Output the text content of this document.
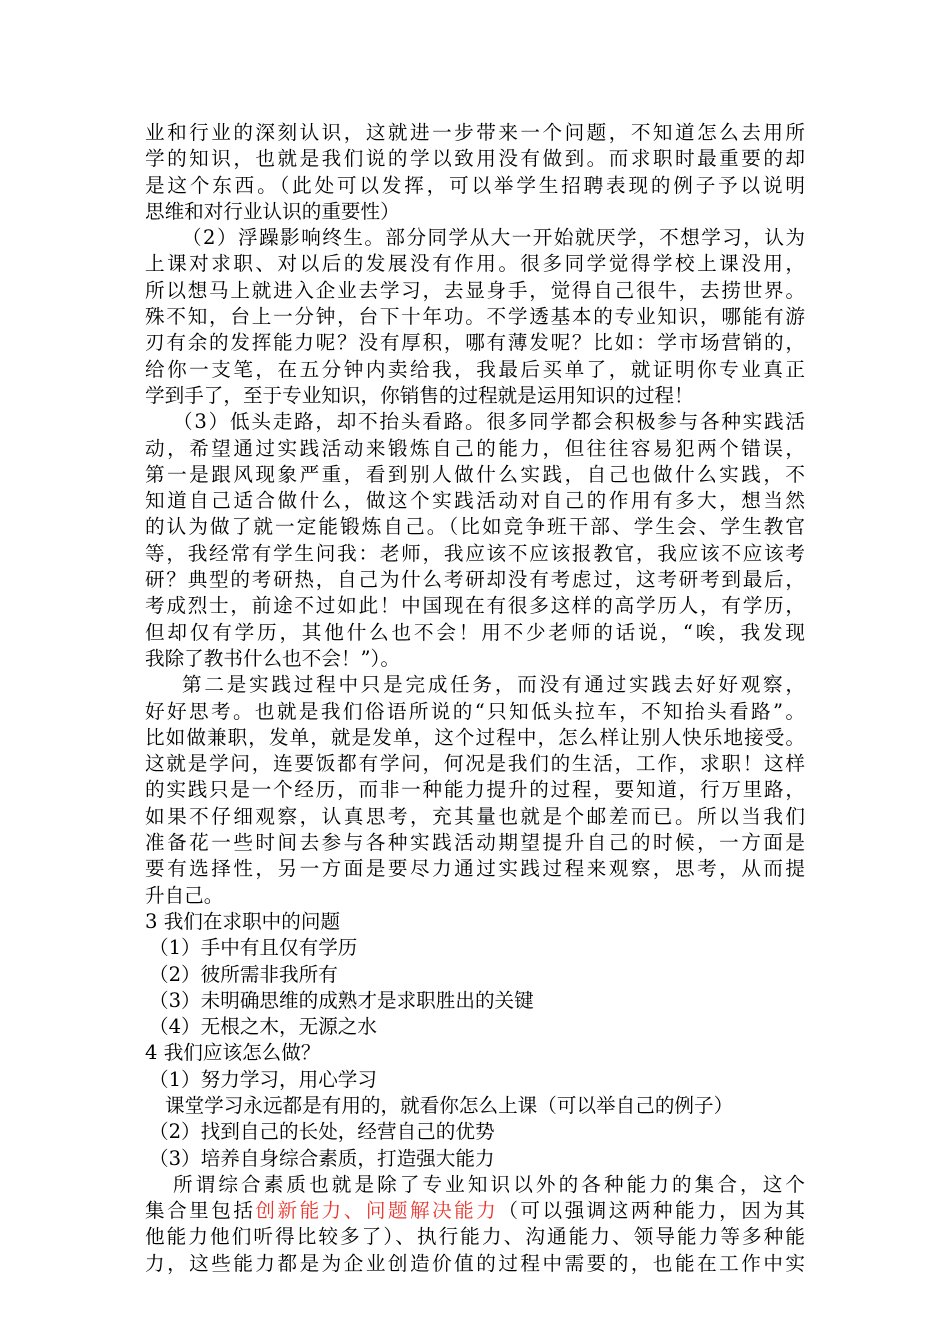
业和行业的深刻认识，这就进一步带来一个问题，不知道怎么去用所
学的知识，也就是我们说的学以致用没有做到。而求职时最重要的却
是这个东西。（此处可以发挥，可以举学生招聘表现的例子予以说明
思维和对行业认识的重要性）
（2）浮躁影响终生。部分同学从大一开始就厌学，不想学习，认为
上课对求职、对以后的发展没有作用。很多同学觉得学校上课没用，
所以想马上就进入企业去学习，去显身手，觉得自己很牛，去捞世界。
殊不知，台上一分钟，台下十年功。不学透基本的专业知识，哪能有游
刃有余的发挥能力呢？没有厚积，哪有薄发呢？比如：学市场营销的，
给你一支笔，在五分钟内卖给我，我最后买单了，就证明你专业真正
学到手了，至于专业知识，你销售的过程就是运用知识的过程！
（3）低头走路，却不抬头看路。很多同学都会积极参与各种实践活
动，希望通过实践活动来锻炼自己的能力，但往往容易犯两个错误，
第一是跟风现象严重，看到别人做什么实践，自己也做什么实践，不
知道自己适合做什么，做这个实践活动对自己的作用有多大，想当然
的认为做了就一定能锻炼自己。（比如竞争班干部、学生会、学生教官
等，我经常有学生问我：老师，我应该不应该报教官，我应该不应该考
研？典型的考研热，自己为什么考研却没有考虑过，这考研考到最后，
考成烈士，前途不过如此！中国现在有很多这样的高学历人，有学历，
但却仅有学历，其他什么也不会！用不少老师的话说，“唉，我发现
我除了教书什么也不会！”）。
第二是实践过程中只是完成任务，而没有通过实践去好好观察，
好好思考。也就是我们俗语所说的“只知低头拉车，不知抬头看路”。
比如做兼职，发单，就是发单，这个过程中，怎么样让别人快乐地接受。
这就是学问，连要饭都有学问，何况是我们的生活，工作，求职！这样
的实践只是一个经历，而非一种能力提升的过程，要知道，行万里路，
如果不仔细观察，认真思考，充其量也就是个邮差而已。所以当我们
准备花一些时间去参与各种实践活动期望提升自己的时候，一方面是
要有选择性，另一方面是要尽力通过实践过程来观察，思考，从而提
升自己。
3 我们在求职中的问题
（1）手中有且仅有学历
（2）彼所需非我所有
（3）未明确思维的成熟才是求职胜出的关键
（4）无根之木，无源之水
4 我们应该怎么做？
（1）努力学习，用心学习
课堂学习永远都是有用的，就看你怎么上课（可以举自己的例子）
（2）找到自己的长处，经营自己的优势
（3）培养自身综合素质，打造强大能力
所谓综合素质也就是除了专业知识以外的各种能力的集合，这个
集合里包括创新能力、问题解决能力（可以强调这两种能力，因为其
他能力他们听得比较多了）、执行能力、沟通能力、领导能力等多种能
力，这些能力都是为企业创造价值的过程中需要的，也能在工作中实
